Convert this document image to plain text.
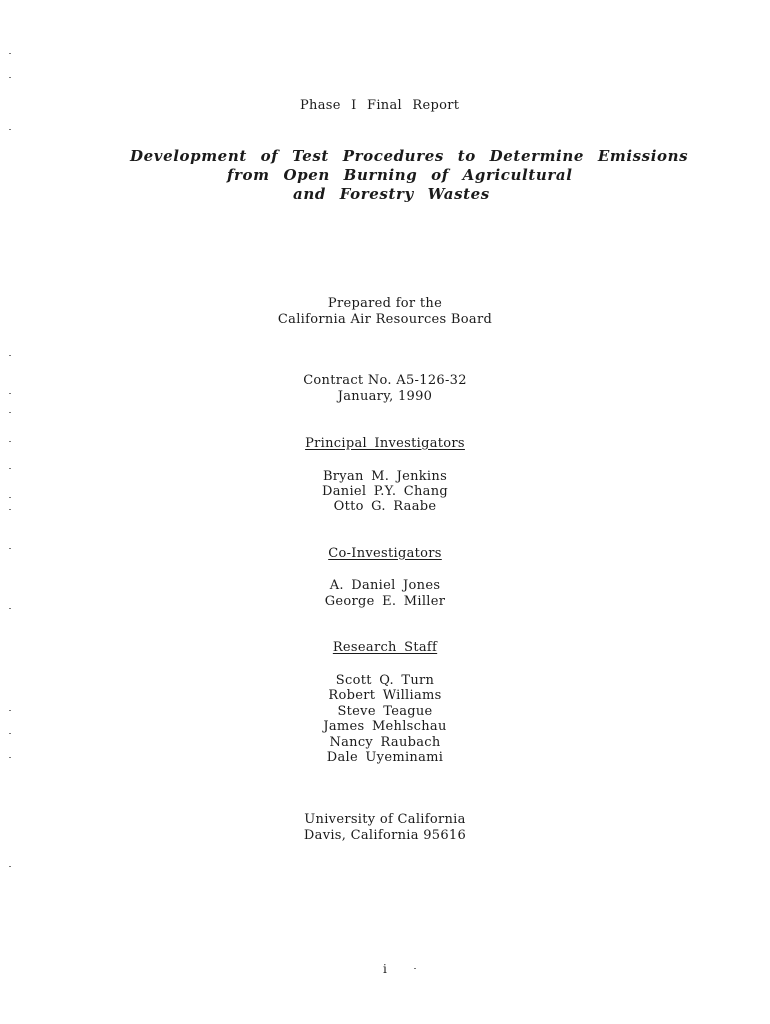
Phase I Final Report
Development of Test Procedures to Determine Emissions
from Open Burning of Agricultural
and Forestry Wastes
Prepared for the
California Air Resources Board
Contract No. A5-126-32
January, 1990
Principal Investigators
Bryan M. Jenkins
Daniel P.Y. Chang
Otto G. Raabe
Co-Investigators
A. Daniel Jones
George E. Miller
Research Staff
Scott Q. Turn
Robert Williams
Steve Teague
James Mehlschau
Nancy Raubach
Dale Uyeminami
University of California
Davis, California 95616
i
